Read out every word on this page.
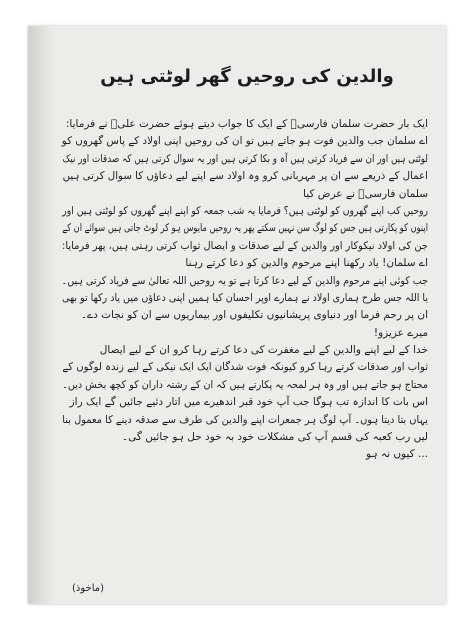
والدین کی روحیں گھر لوٹتی ہیں
ایک بار حضرت سلمان فارسیؓ کے ایک کا جواب دیتے ہوئے حضرت علیؓ نے فرمایا:
اے سلمان جب والدین فوت ہو جاتے ہیں تو ان کی روحیں اپنی اولاد کے پاس گھروں کو
لوٹتی ہیں اور ان سے فریاد کرتی ہیں آہ و بکا کرتی ہیں اور یہ سوال کرتی ہیں کہ صدقات اور نیک
اعمال کے ذریعے سے ان پر مہربانی کرو وہ اولاد سے اپنے لیے دعاؤں کا سوال کرتی ہیں
سلمان فارسیؓ نے عرض کیا
روحیں کب اپنے گھروں کو لوٹتی ہیں؟ فرمایا یہ شب جمعہ کو اپنے اپنے گھروں کو لوٹتی ہیں اور
اپنوں کو پکارتی ہیں جس کو لوگ سن نہیں سکتے پھر یہ روحیں مایوس ہو کر لوٹ جاتی ہیں سوائے ان کے
جن کی اولاد نیکوکار اور والدین کے لیے صدقات و ایصال ثواب کرتی رہتی ہیں، پھر فرمایا:
اے سلمان! یاد رکھنا اپنے مرحوم والدین کو دعا کرتے رہنا
جب کوئی اپنے مرحوم والدین کے لیے دعا کرتا ہے تو یہ روحیں اللہ تعالیٰ سے فریاد کرتی ہیں۔
یا اللہ جس طرح ہماری اولاد نے ہمارے اوپر احسان کیا ہمیں اپنی دعاؤں میں یاد رکھا تو بھی
ان پر رحم فرما اور دنیاوی پریشانیوں تکلیفوں اور بیماریوں سے ان کو نجات دے۔
میرے عزیزو!
خدا کے لیے اپنے والدین کے لیے مغفرت کی دعا کرتے رہا کرو ان کے لیے ایصال
ثواب اور صدقات کرتے رہا کرو کیونکہ فوت شدگان ایک ایک نیکی کے لیے زندہ لوگوں کے
محتاج ہو جاتے ہیں اور وہ ہر لمحہ یہ پکارتے ہیں کہ ان کے رشتہ داران کو کچھ بخش دیں۔
اس بات کا اندازہ تب ہوگا جب آپ خود قبر اندھیرے میں اتار دئیے جائیں گے ایک راز
یہاں بتا دیتا ہوں۔ آپ لوگ ہر جمعرات اپنے والدین کی طرف سے صدقہ دینے کا معمول بنا
لیں رب کعبہ کی قسم آپ کی مشکلات خود بہ خود حل ہو جائیں گی۔
... کیوں نہ ہو
(ماخوذ)
